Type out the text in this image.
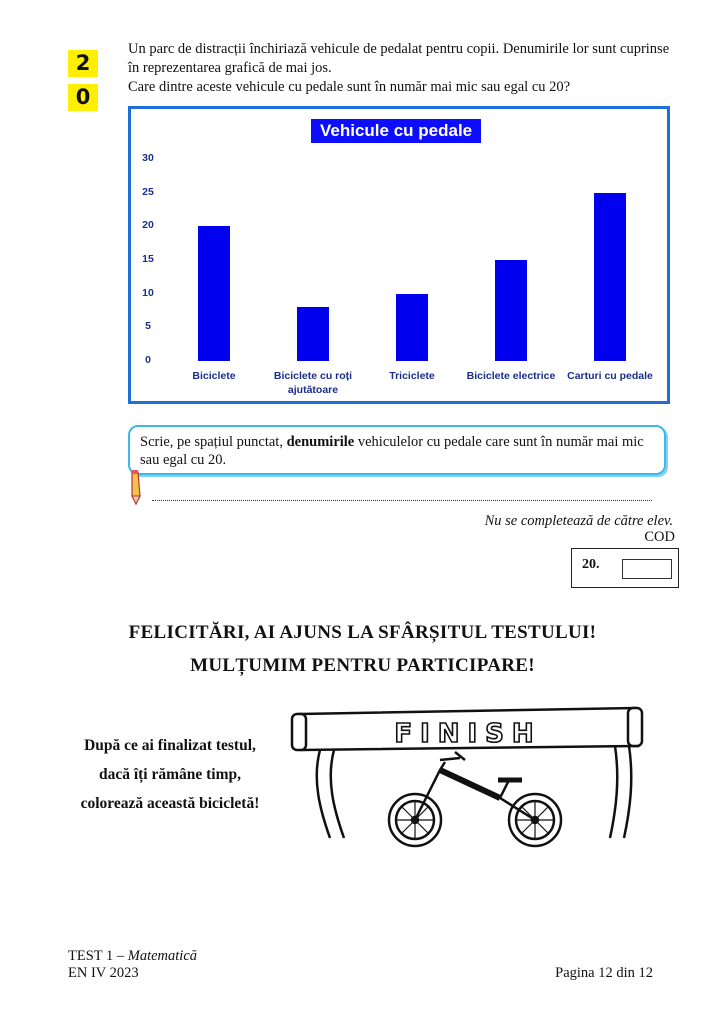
2
0

Un parc de distracții închiriază vehicule de pedalat pentru copii. Denumirile lor sunt cuprinse

în reprezentarea grafică de mai jos.

Care dintre aceste vehicule cu pedale sunt în număr mai mic sau egal cu 20?

Vehicule cu pedale
0
5
10
15
20
25
30
Biciclete	Biciclete cu roți
ajutătoare
Triciclete	Biciclete electrice	Carturi cu pedale
Scrie, pe spațiul punctat, denumirile vehiculelor cu pedale care sunt în număr mai mic sau egal cu 20.
Nu se completează de către elev.
COD
20.
FELICITĂRI, AI AJUNS LA SFÂRȘITUL TESTULUI!
MULȚUMIM PENTRU PARTICIPARE!
După ce ai finalizat testul,
dacă îți rămâne timp,
colorează această bicicletă!
FINISH
TEST 1 – Matematică
EN IV 2023	Pagina 12 din 12
